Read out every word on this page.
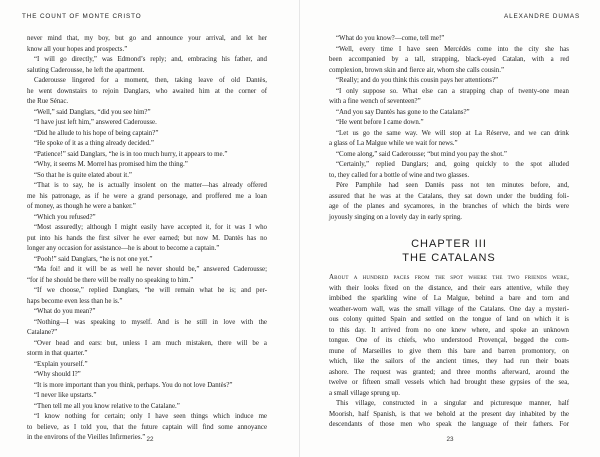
THE COUNT OF MONTE CRISTO
never mind that, my boy, but go and announce your arrival, and let her
know all your hopes and prospects.”
“I will go directly,” was Edmond’s reply; and, embracing his father, and
saluting Caderousse, he left the apartment.
Caderousse lingered for a moment, then, taking leave of old Dantès,
he went downstairs to rejoin Danglars, who awaited him at the corner of
the Rue Sénac.
“Well,” said Danglars, “did you see him?”
“I have just left him,” answered Caderousse.
“Did he allude to his hope of being captain?”
“He spoke of it as a thing already decided.”
“Patience!” said Danglars, “he is in too much hurry, it appears to me.”
“Why, it seems M. Morrel has promised him the thing.”
“So that he is quite elated about it.”
“That is to say, he is actually insolent on the matter—has already offered
me his patronage, as if he were a grand personage, and proffered me a loan
of money, as though he were a banker.”
“Which you refused?”
“Most assuredly; although I might easily have accepted it, for it was I who
put into his hands the first silver he ever earned; but now M. Dantès has no
longer any occasion for assistance—he is about to become a captain.”
“Pooh!” said Danglars, “he is not one yet.”
“Ma foi! and it will be as well he never should be,” answered Caderousse;
“for if he should be there will be really no speaking to him.”
“If we choose,” replied Danglars, “he will remain what he is; and per-
haps become even less than he is.”
“What do you mean?”
“Nothing—I was speaking to myself. And is he still in love with the
Catalane?”
“Over head and ears: but, unless I am much mistaken, there will be a
storm in that quarter.”
“Explain yourself.”
“Why should I?”
“It is more important than you think, perhaps. You do not love Dantès?”
“I never like upstarts.”
“Then tell me all you know relative to the Catalane.”
“I know nothing for certain; only I have seen things which induce me
to believe, as I told you, that the future captain will find some annoyance
in the environs of the Vieilles Infirmeries.” 22
ALEXANDRE DUMAS
“What do you know?—come, tell me!”
“Well, every time I have seen Mercédès come into the city she has
been accompanied by a tall, strapping, black-eyed Catalan, with a red
complexion, brown skin and fierce air, whom she calls cousin.”
“Really; and do you think this cousin pays her attentions?”
“I only suppose so. What else can a strapping chap of twenty-one mean
with a fine wench of seventeen?”
“And you say Dantès has gone to the Catalans?”
“He went before I came down.”
“Let us go the same way. We will stop at La Réserve, and we can drink
a glass of La Malgue while we wait for news.”
“Come along,” said Caderousse; “but mind you pay the shot.”
“Certainly,” replied Danglars; and, going quickly to the spot alluded
to, they called for a bottle of wine and two glasses.
Père Pamphile had seen Dantès pass not ten minutes before, and,
assured that he was at the Catalans, they sat down under the budding foli-
age of the planes and sycamores, in the branches of which the birds were
joyously singing on a lovely day in early spring.
CHAPTER III
THE CATALANS
About a hundred paces from the spot where the two friends were,
with their looks fixed on the distance, and their ears attentive, while they
imbibed the sparkling wine of La Malgue, behind a bare and torn and
weather-worn wall, was the small village of the Catalans. One day a mysteri-
ous colony quitted Spain and settled on the tongue of land on which it is
to this day. It arrived from no one knew where, and spoke an unknown
tongue. One of its chiefs, who understood Provençal, begged the com-
mune of Marseilles to give them this bare and barren promontory, on
which, like the sailors of the ancient times, they had run their boats
ashore. The request was granted; and three months afterward, around the
twelve or fifteen small vessels which had brought these gypsies of the sea,
a small village sprung up.
This village, constructed in a singular and picturesque manner, half
Moorish, half Spanish, is that we behold at the present day inhabited by the
descendants of those men who speak the language of their fathers. For
23
